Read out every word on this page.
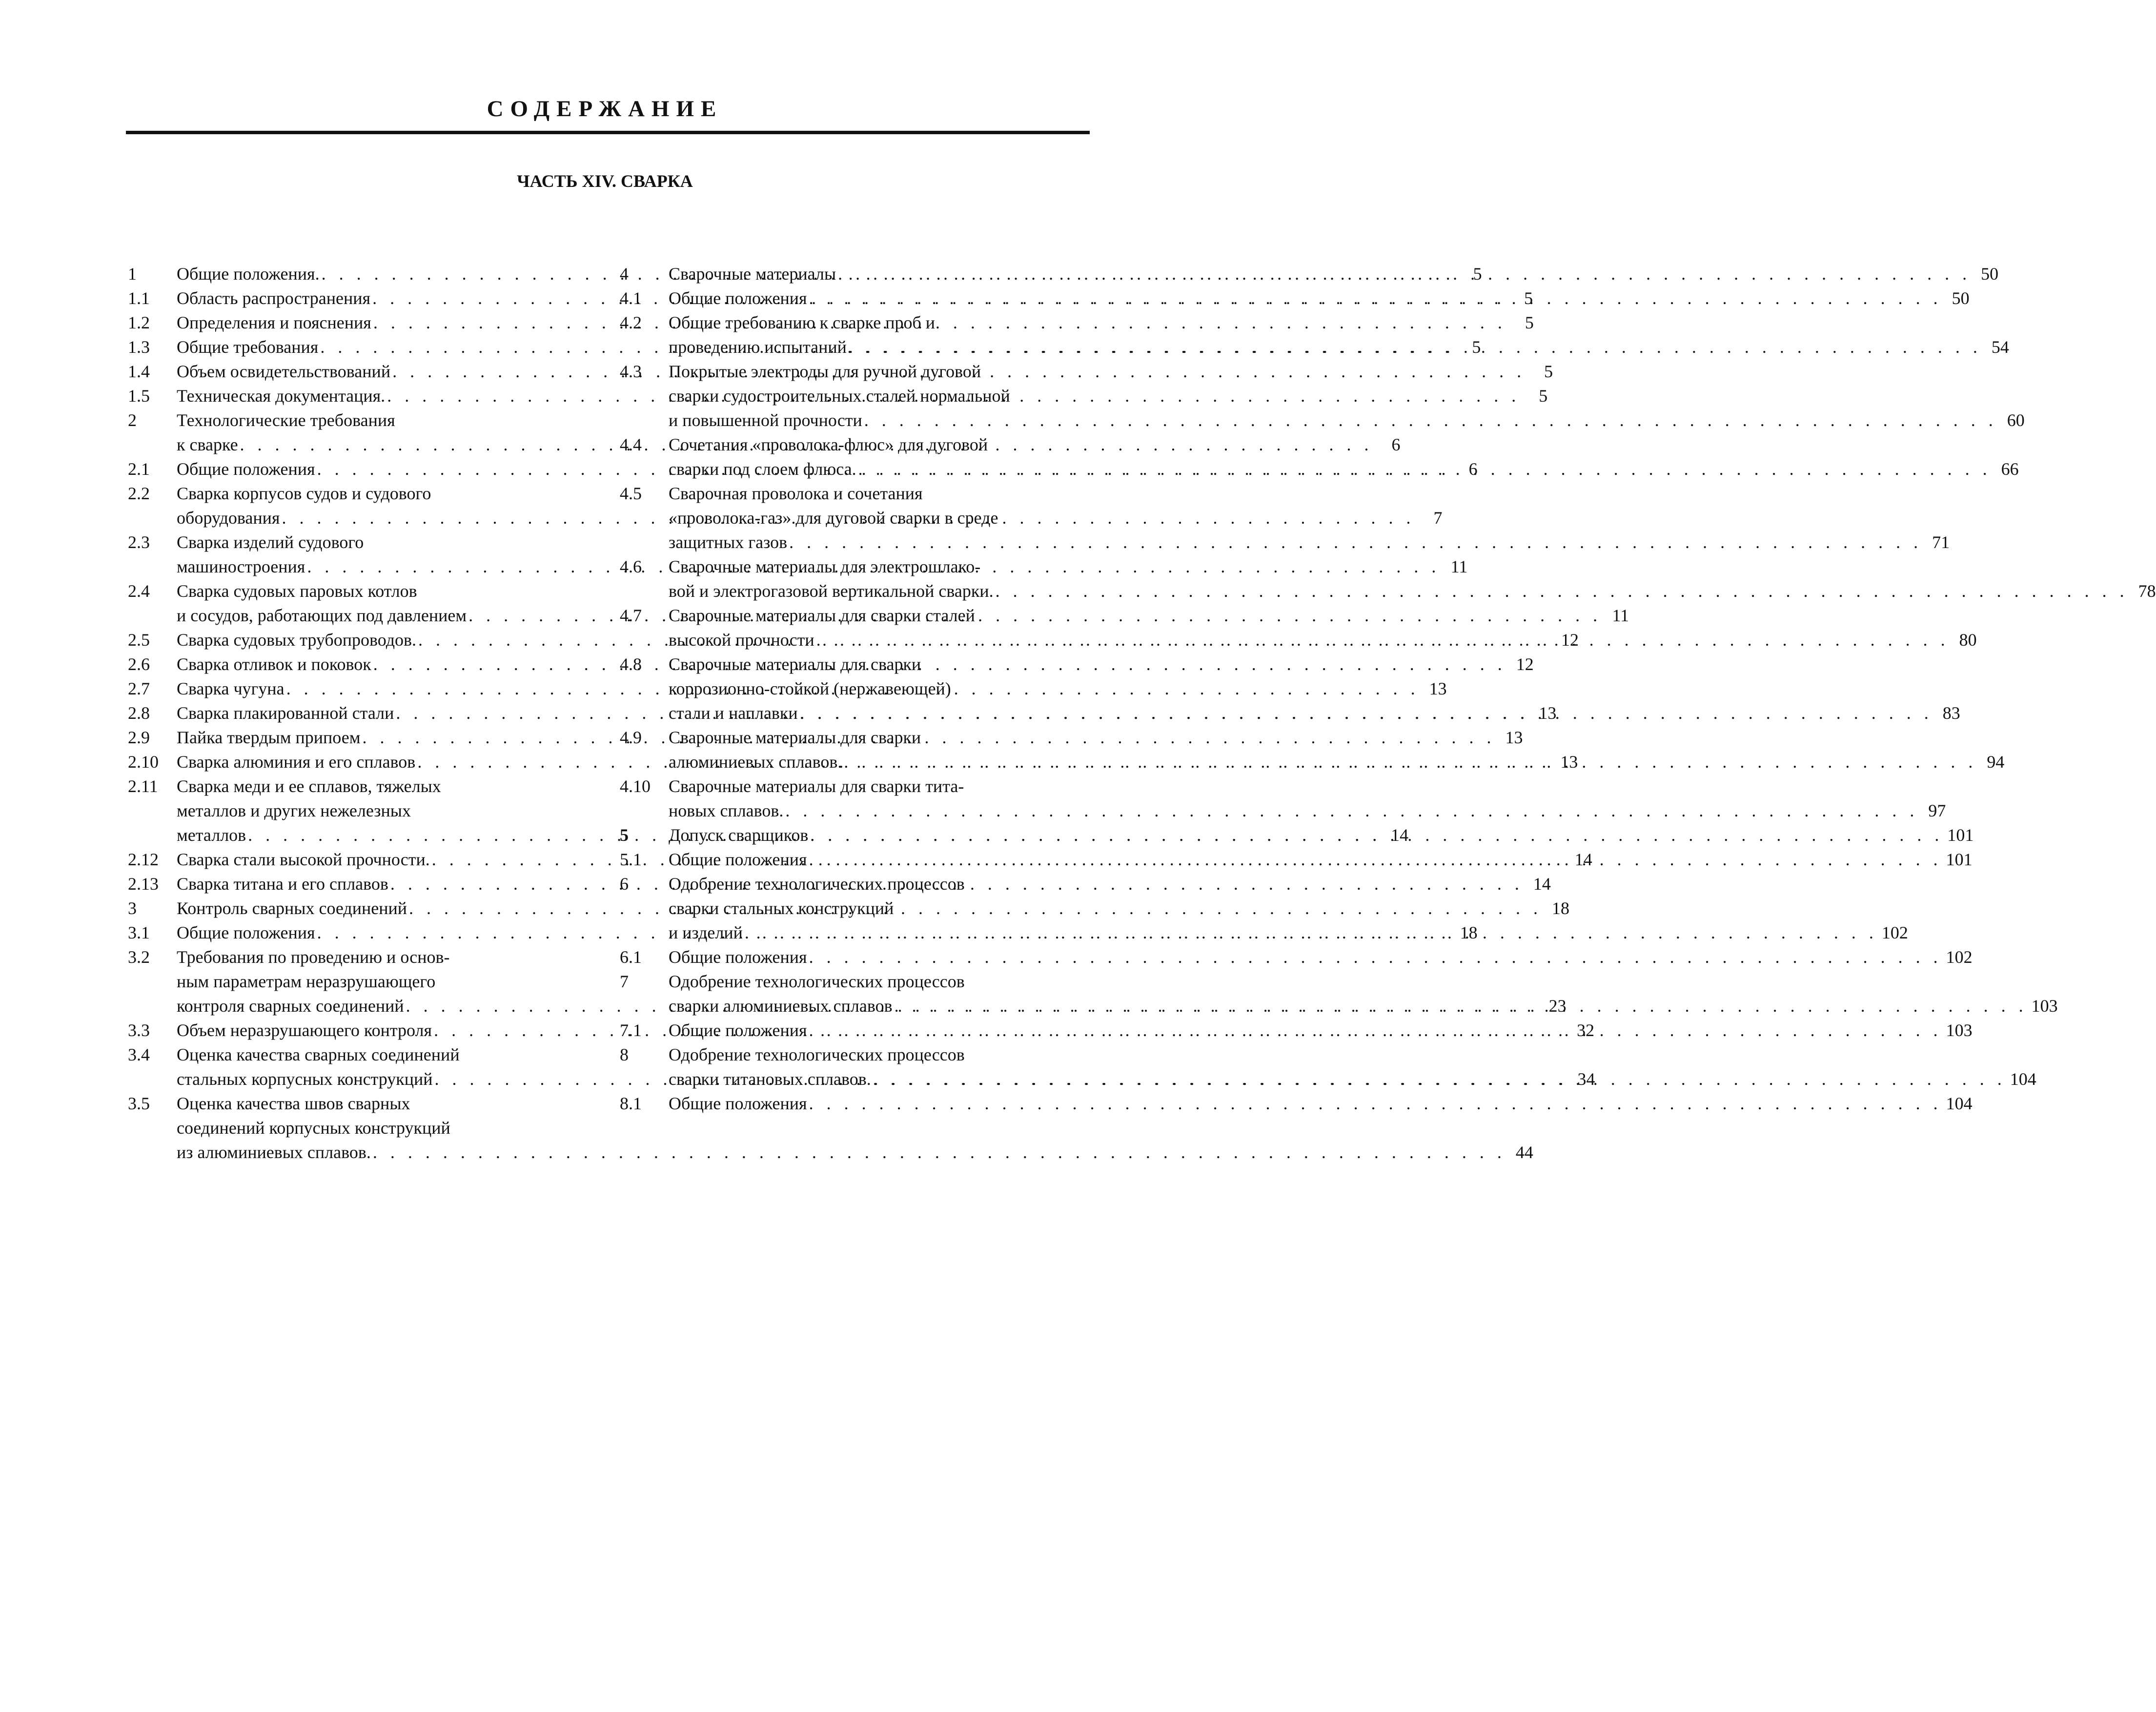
СОДЕРЖАНИЕ
ЧАСТЬ XIV. СВАРКА
1	Общие положения. . . .	5
1.1	Область распространения . . .	5
1.2	Определения и пояснения . . .	5
1.3	Общие требования . . .	5
1.4	Объем освидетельствований . . .	5
1.5	Техническая документация. . . .	5
2	Технологические требования
к сварке . . .	6
2.1	Общие положения . . .	6
2.2	Сварка корпусов судов и судового
оборудования . . .	7
2.3	Сварка изделий судового
машиностроения . . .	11
2.4	Сварка судовых паровых котлов
и сосудов, работающих под давлением . . .	11
2.5	Сварка судовых трубопроводов. . . .	12
2.6	Сварка отливок и поковок . . .	12
2.7	Сварка чугуна . . .	13
2.8	Сварка плакированной стали . . .	13
2.9	Пайка твердым припоем . . .	13
2.10	Сварка алюминия и его сплавов . . .	13
2.11	Сварка меди и ее сплавов, тяжелых
металлов и других нежелезных
металлов . . .	14
2.12	Сварка стали высокой прочности. . . .	14
2.13	Сварка титана и его сплавов . . .	14
3	Контроль сварных соединений . . .	18
3.1	Общие положения . . .	18
3.2	Требования по проведению и основ-
ным параметрам неразрушающего
контроля сварных соединений . . .	23
3.3	Объем неразрушающего контроля . . .	32
3.4	Оценка качества сварных соединений
стальных корпусных конструкций . . .	34
3.5	Оценка качества швов сварных
соединений корпусных конструкций
из алюминиевых сплавов. . . .	44
4	Сварочные материалы . . .	50
4.1	Общие положения . . .	50
4.2	Общие требованию к сварке проб и
проведению испытаний . . .	54
4.3	Покрытые электроды для ручной дуговой
сварки судостроительных сталей нормальной
и повышенной прочности . . .	60
4.4	Сочетания «проволока-флюс» для дуговой
сварки под слоем флюса. . . .	66
4.5	Сварочная проволока и сочетания
«проволока-газ» для дуговой сварки в среде
защитных газов . . .	71
4.6	Сварочные материалы для электрошлако-
вой и электрогазовой вертикальной сварки. . . .	78
4.7	Сварочные материалы для сварки сталей
высокой прочности . . .	80
4.8	Сварочные материалы для сварки
коррозионно-стойкой (нержавеющей)
стали и наплавки . . .	83
4.9	Сварочные материалы для сварки
алюминиевых сплавов. . . .	94
4.10	Сварочные материалы для сварки тита-
новых сплавов. . . .	97
5	Допуск сварщиков . . .	101
5.1	Общие положения . . .	101
6	Одобрение технологических процессов
сварки стальных конструкций
и изделий . . .	102
6.1	Общие положения . . .	102
7	Одобрение технологических процессов
сварки алюминиевых сплавов . . .	103
7.1	Общие положения . . .	103
8	Одобрение технологических процессов
сварки титановых сплавов. . . .	104
8.1	Общие положения . . .	104
